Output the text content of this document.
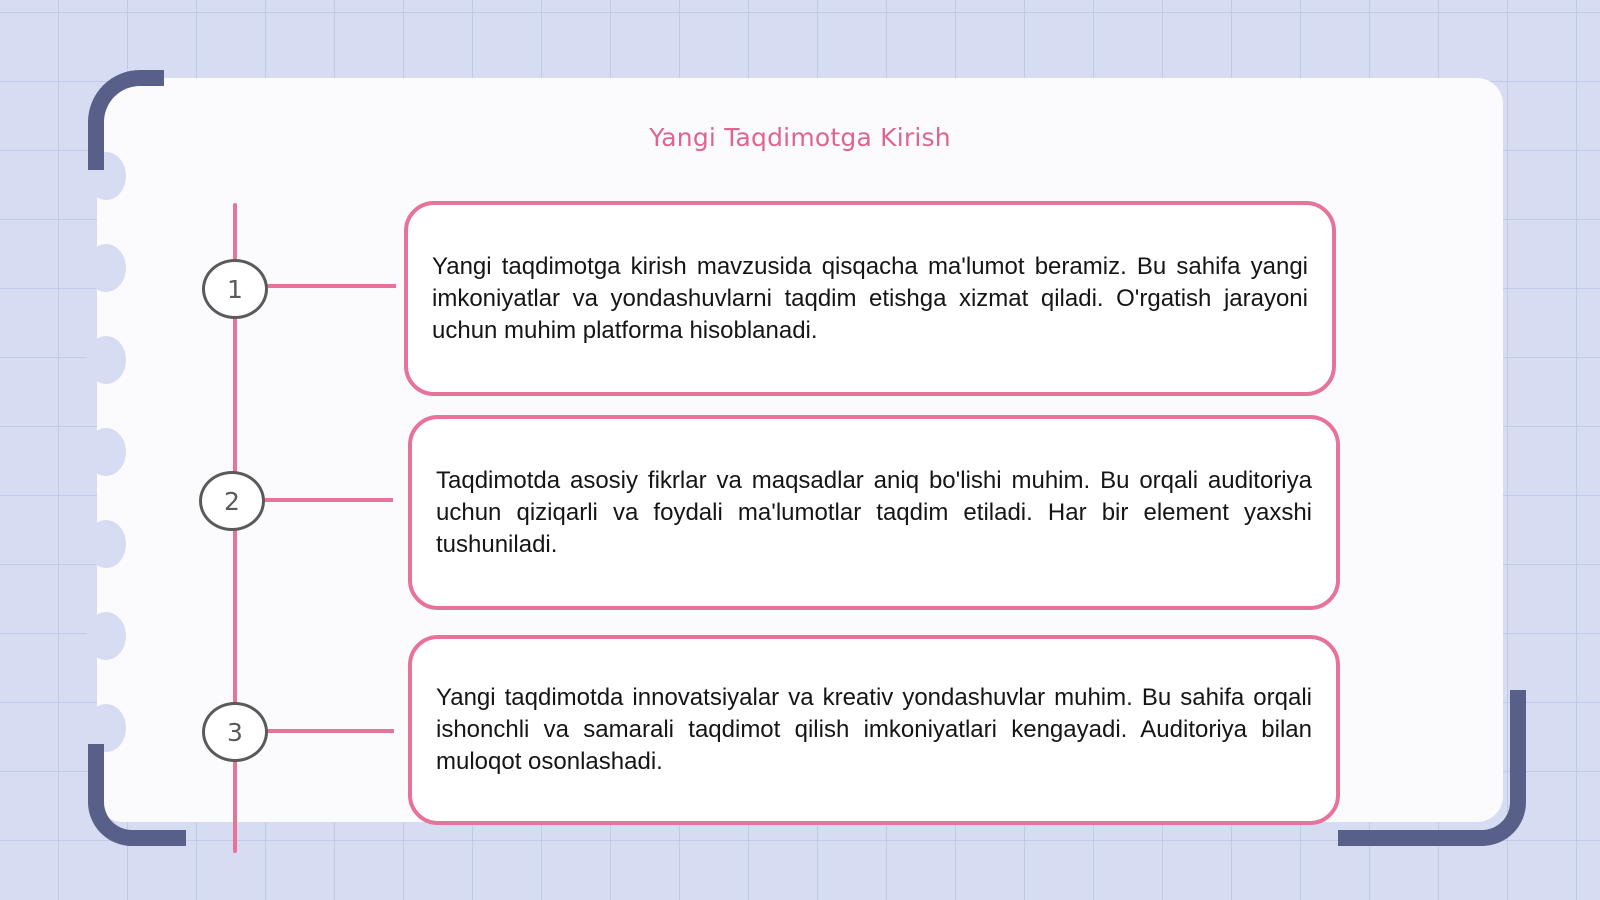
Yangi Taqdimotga Kirish
1
2
3

Yangi taqdimotga kirish mavzusida qisqacha ma'lumot beramiz. Bu sahifa yangi imkoniyatlar va yondashuvlarni taqdim etishga xizmat qiladi. O'rgatish jarayoni uchun muhim platforma hisoblanadi.

Taqdimotda asosiy fikrlar va maqsadlar aniq bo'lishi muhim. Bu orqali auditoriya uchun qiziqarli va foydali ma'lumotlar taqdim etiladi. Har bir element yaxshi tushuniladi.

Yangi taqdimotda innovatsiyalar va kreativ yondashuvlar muhim. Bu sahifa orqali ishonchli va samarali taqdimot qilish imkoniyatlari kengayadi. Auditoriya bilan muloqot osonlashadi.
